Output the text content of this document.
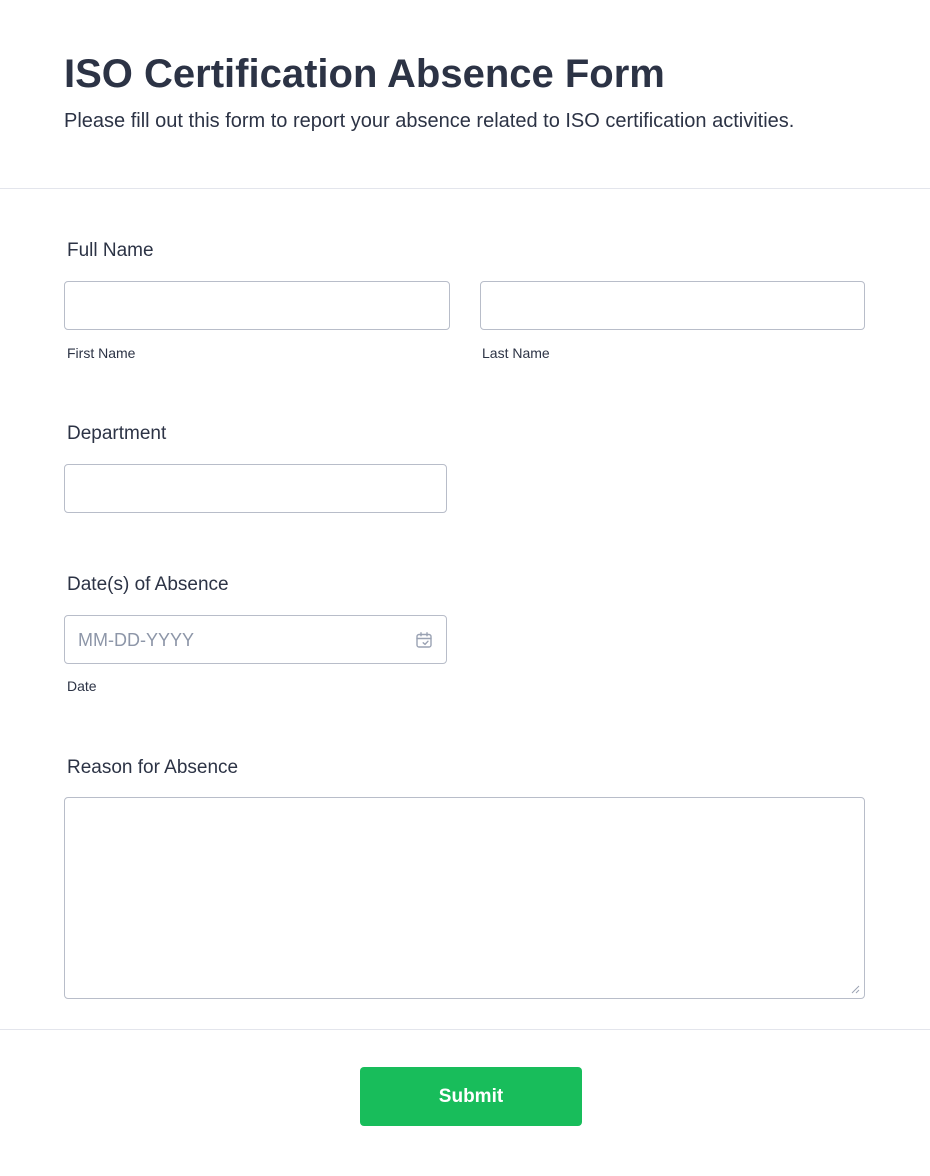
ISO Certification Absence Form
Please fill out this form to report your absence related to ISO certification activities.
Full Name
First Name	Last Name
Department
Date(s) of Absence
MM-DD-YYYY
Date
Reason for Absence
Submit
